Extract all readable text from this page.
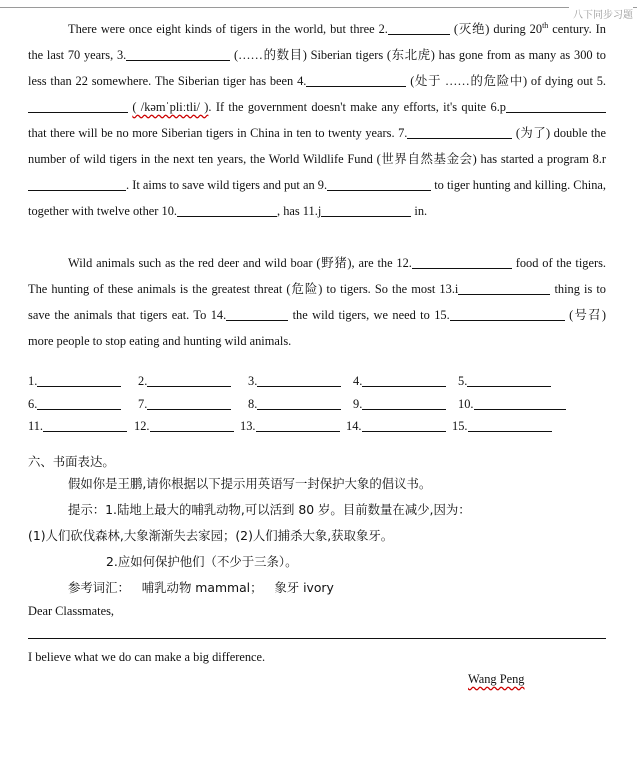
八下同步习题
There were once eight kinds of tigers in the world, but three 2.	(灭绝) during 20th century. In the last 70 years, 3.	(……的数目) Siberian tigers (东北虎) has gone from as many as 300 to less than 22 somewhere. The Siberian tiger has been 4.	(处于 ……的危险中) of dying out 5. ( /kəmˈpliːtli/ ). If the government doesn't make any efforts, it's quite 6.p that there will be no more Siberian tigers in China in ten to twenty years. 7.	(为了) double the number of wild tigers in the next ten years, the World Wildlife Fund (世界自然基金会) has started a program 8.r. It aims to save wild tigers and put an 9.	to tiger hunting and killing. China, together with twelve other 10.	, has 11.j	in.
Wild animals such as the red deer and wild boar (野猪), are the 12.	food of the tigers. The hunting of these animals is the greatest threat (危险) to tigers. So the most 13.i	thing is to save the animals that tigers eat. To 14.	the wild tigers, we need to 15.	(号召) more people to stop eating and hunting wild animals.
1.	2.	3.	4.	5.
6.	7.	8.	9.	10.
11.	12.	13.	14.	15.
六、书面表达。
假如你是王鹏,请你根据以下提示用英语写一封保护大象的倡议书。
提示：1.陆地上最大的哺乳动物,可以活到 80 岁。目前数量在减少,因为：
(1)人们砍伐森林,大象渐渐失去家园；(2)人们捕杀大象,获取象牙。
2.应如何保护他们（不少于三条）。
参考词汇： 哺乳动物 mammal； 象牙 ivory
Dear Classmates,
I believe what we do can make a big difference.
Wang Peng
